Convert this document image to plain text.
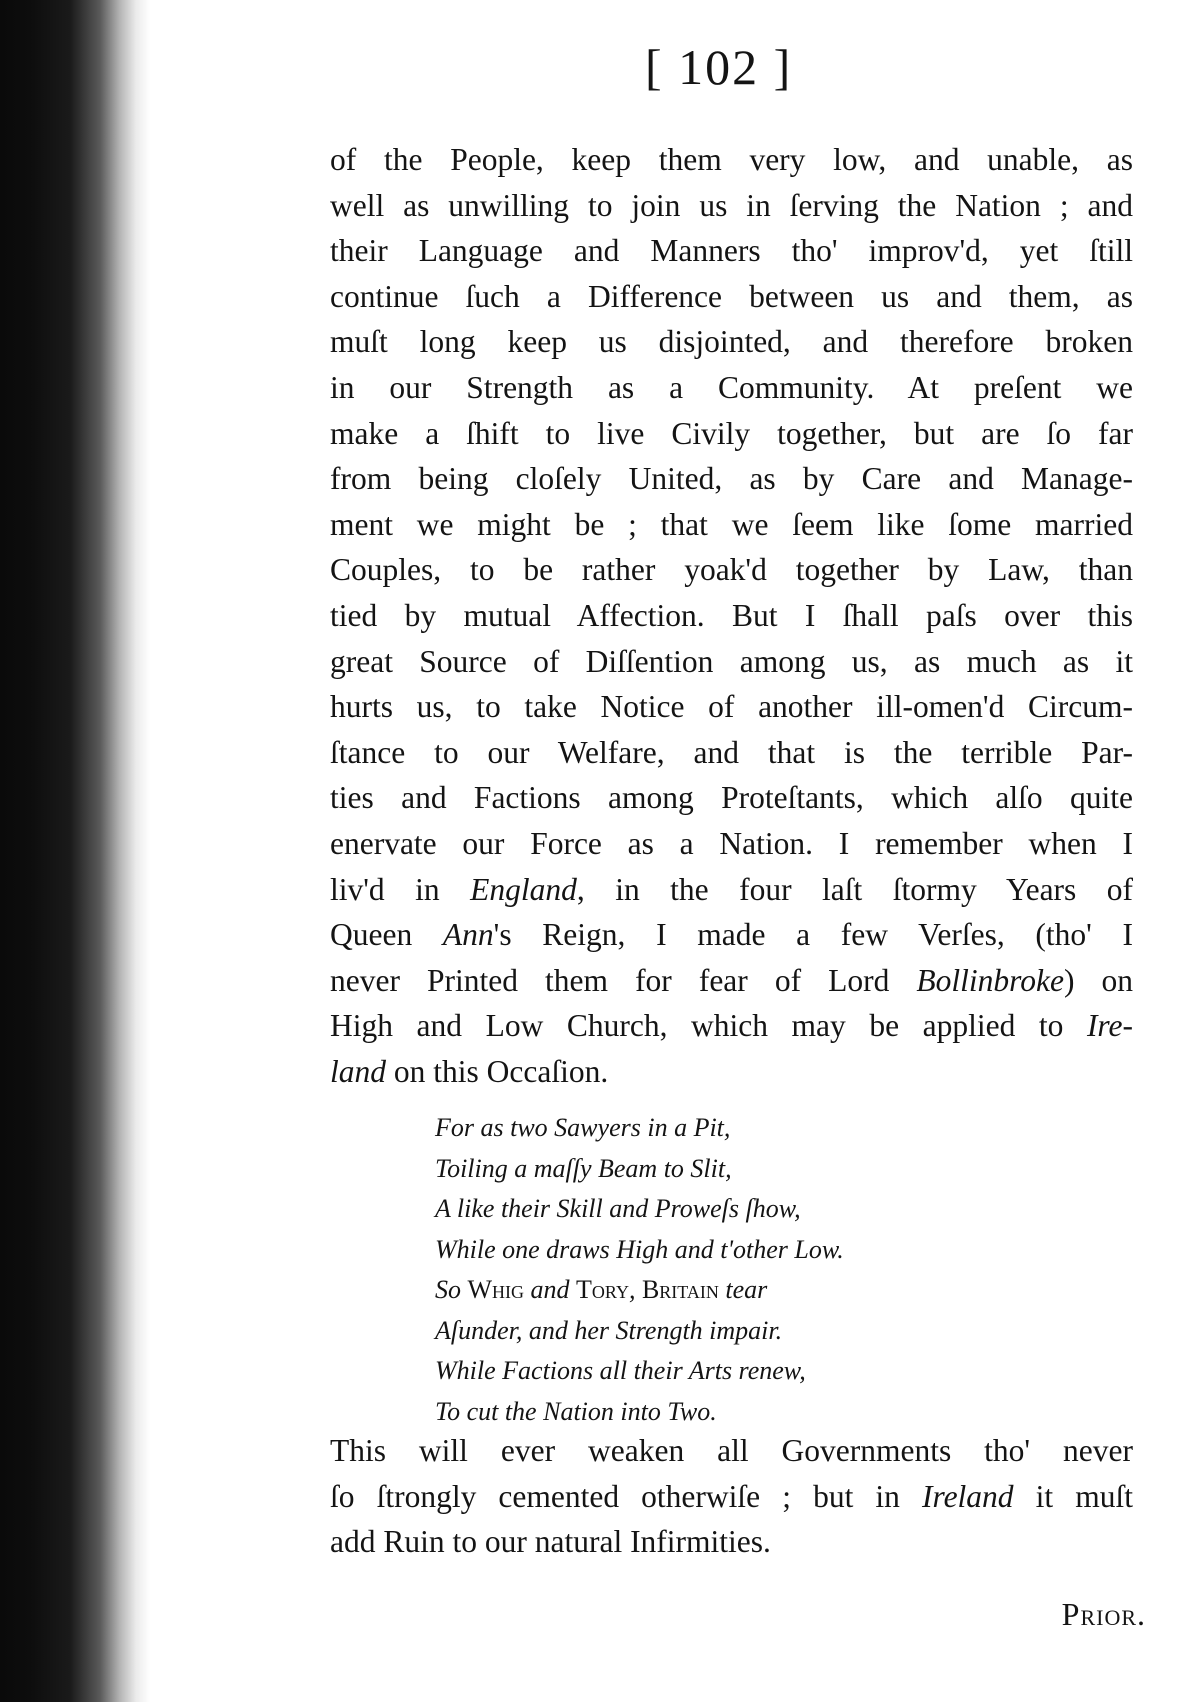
[ 102 ]
of the People, keep them very low, and unable, as
well as unwilling to join us in ſerving the Nation ; and
their Language and Manners tho' improv'd, yet ſtill
continue ſuch a Difference between us and them, as
muſt long keep us disjointed, and therefore broken
in our Strength as a Community. At preſent we
make a ſhift to live Civily together, but are ſo far
from being cloſely United, as by Care and Manage-
ment we might be ; that we ſeem like ſome married
Couples, to be rather yoak'd together by Law, than
tied by mutual Affection. But I ſhall paſs over this
great Source of Diſſention among us, as much as it
hurts us, to take Notice of another ill-omen'd Circum-
ſtance to our Welfare, and that is the terrible Par-
ties and Factions among Proteſtants, which alſo quite
enervate our Force as a Nation. I remember when I
liv'd in England, in the four laſt ſtormy Years of
Queen Ann's Reign, I made a few Verſes, (tho' I
never Printed them for fear of Lord Bollinbroke) on
High and Low Church, which may be applied to Ire-
land on this Occaſion.
For as two Sawyers in a Pit,
Toiling a maſſy Beam to Slit,
A like their Skill and Proweſs ſhow,
While one draws High and t'other Low.
So Whig and Tory, Britain tear
Aſunder, and her Strength impair.
While Factions all their Arts renew,
To cut the Nation into Two.
This will ever weaken all Governments tho' never
ſo ſtrongly cemented otherwiſe ; but in Ireland it muſt
add Ruin to our natural Infirmities.
Prior.
